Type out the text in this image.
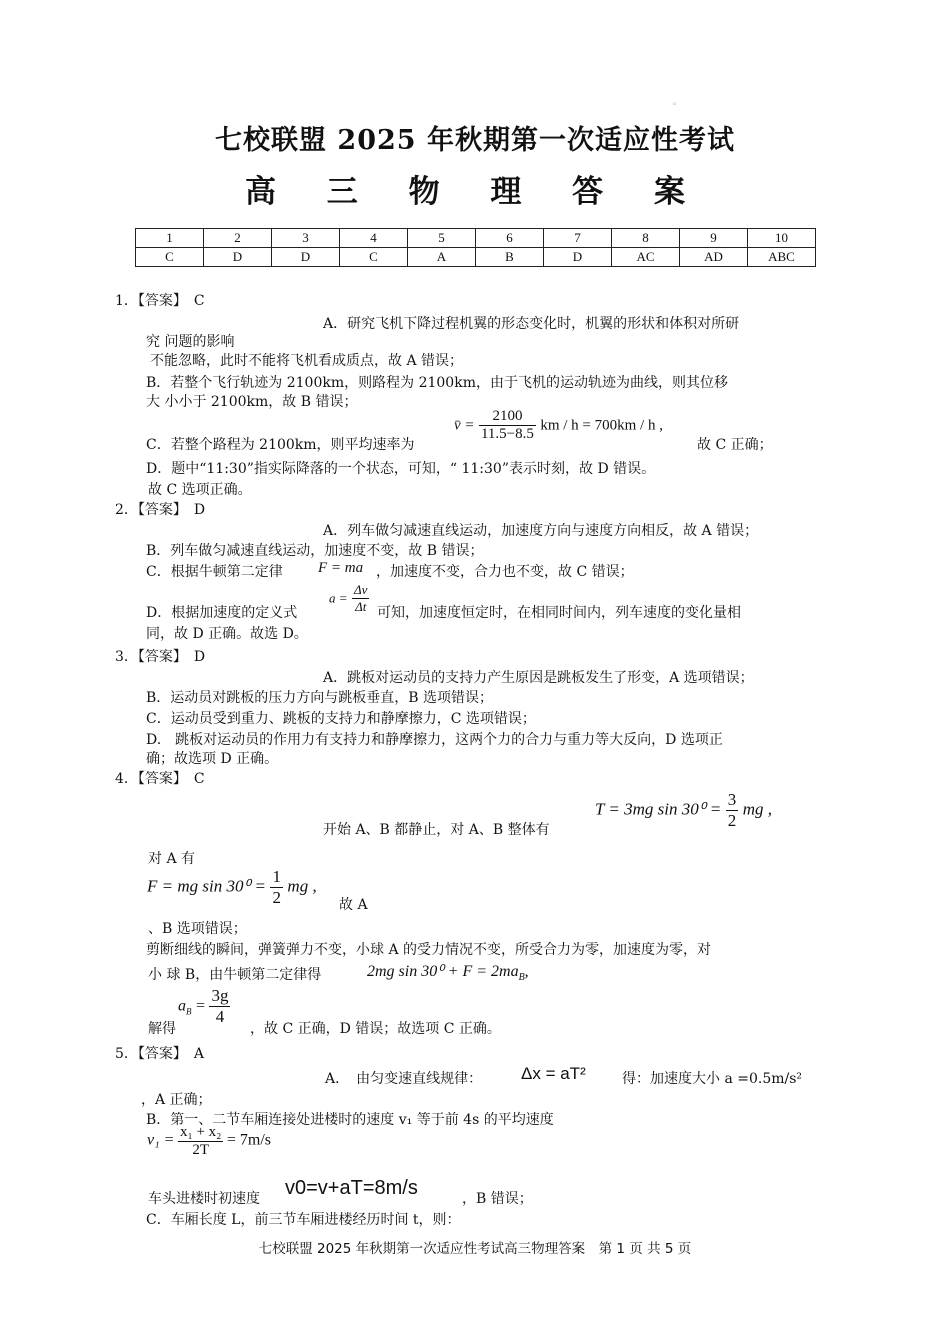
。
七校联盟 2025 年秋期第一次适应性考试
高 三 物 理 答 案
1	2	3	4	5	6	7	8	9	10
C	D	D	C	A	B	D	AC	AD	ABC
1．【答案】　C
A．研究飞机下降过程机翼的形态变化时，机翼的形状和体积对所研
究 问题的影响
不能忽略，此时不能将飞机看成质点，故 A 错误；
B．若整个飞行轨迹为 2100km，则路程为 2100km，由于飞机的运动轨迹为曲线，则其位移
大 小小于 2100km，故 B 错误；
C．若整个路程为 2100km，则平均速率为
v̄ = $\frac{2100}{11.5-8.5}$ km / h = 700km / h ,
故 C 正确；
D．题中“11:30”指实际降落的一个状态，可知，“ 11:30”表示时刻，故 D 错误。
故 C 选项正确。
2．【答案】　D
A．列车做匀减速直线运动，加速度方向与速度方向相反，故 A 错误；
B．列车做匀减速直线运动，加速度不变，故 B 错误；
C．根据牛顿第二定律 F = ma ，加速度不变，合力也不变，故 C 错误；
D．根据加速度的定义式
$a = \frac{\Delta v}{\Delta t}$ 可知，加速度恒定时，在相同时间内，列车速度的变化量相
同，故 D 正确。故选 D。
3．【答案】　D
A．跳板对运动员的支持力产生原因是跳板发生了形变，A 选项错误；
B．运动员对跳板的压力方向与跳板垂直，B 选项错误；
C．运动员受到重力、跳板的支持力和静摩擦力，C 选项错误；
D.　跳板对运动员的作用力有支持力和静摩擦力，这两个力的合力与重力等大反向，D 选项正
确；故选项 D 正确。
4．【答案】　C
开始 A、B 都静止，对 A、B 整体有
T = 3mg $\sin 30^0 = \frac{3}{2}$ mg ,
对 A 有
F = mg $\sin 30^0 = \frac{1}{2}$ mg ,
故 A
、B 选项错误；
剪断细线的瞬间，弹簧弹力不变，小球 A 的受力情况不变，所受合力为零，加速度为零，对
小 球 B，由牛顿第二定律得	2mg $\sin 30^0 + F = 2ma_B$,
解得
$a_B = \frac{3g}{4}$
，故 C 正确，D 错误；故选项 C 正确。
5．【答案】　A
A．　由匀变速直线规律： Δx = aT²	得：加速度大小 a =0.5m/s²
，A 正确；
B．第一、二节车厢连接处进楼时的速度 v₁ 等于前 4s 的平均速度
$v_1 = \frac{\text{x₁ + x₂}}{2T} = 7m/s$
车头进楼时初速度 v0=v+aT=8m/s	，B 错误；
C．车厢长度 L，前三节车厢进楼经历时间 t，则：
七校联盟 2025 年秋期第一次适应性考试高三物理答案　第 1 页 共 5 页
